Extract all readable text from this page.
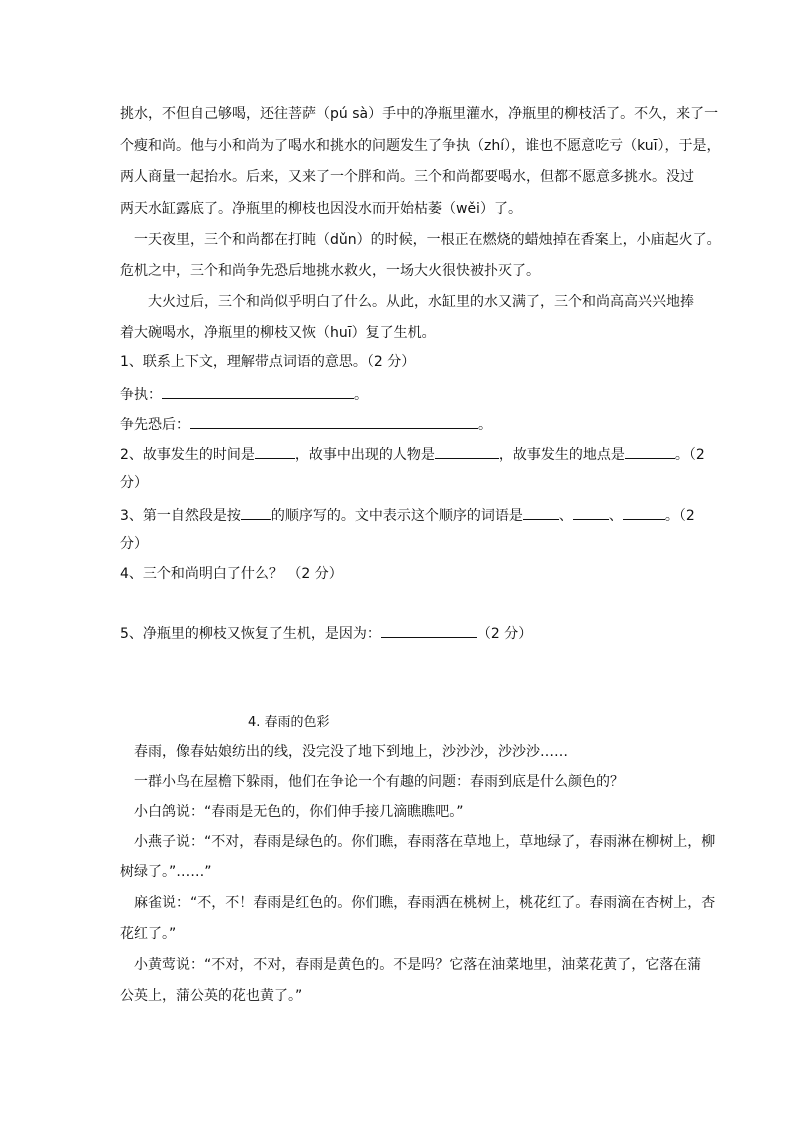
挑水，不但自己够喝，还往菩萨（pú sà）手中的净瓶里灌水，净瓶里的柳枝活了。不久，来了一
个瘦和尚。他与小和尚为了喝水和挑水的问题发生了争执（zhí），谁也不愿意吃亏（kuī），于是，
两人商量一起抬水。后来，又来了一个胖和尚。三个和尚都要喝水，但都不愿意多挑水。没过
两天水缸露底了。净瓶里的柳枝也因没水而开始枯萎（wěi）了。
一天夜里，三个和尚都在打盹（dǔn）的时候，一根正在燃烧的蜡烛掉在香案上，小庙起火了。
危机之中，三个和尚争先恐后地挑水救火，一场大火很快被扑灭了。
大火过后，三个和尚似乎明白了什么。从此，水缸里的水又满了，三个和尚高高兴兴地捧
着大碗喝水，净瓶里的柳枝又恢（huī）复了生机。
1、联系上下文，理解带点词语的意思。（2 分）
争执：	。
争先恐后：	。
2、故事发生的时间是	，故事中出现的人物是	，故事发生的地点是	。（2
分）
3、第一自然段是按 的顺序写的。文中表示这个顺序的词语是	、	、	。（2
分）
4、三个和尚明白了什么？ （2 分）
5、净瓶里的柳枝又恢复了生机，是因为：	（2 分）
4. 春雨的色彩
春雨，像春姑娘纺出的线，没完没了地下到地上，沙沙沙，沙沙沙……
一群小鸟在屋檐下躲雨，他们在争论一个有趣的问题：春雨到底是什么颜色的？
小白鸽说：“春雨是无色的，你们伸手接几滴瞧瞧吧。”
小燕子说：“不对，春雨是绿色的。你们瞧，春雨落在草地上，草地绿了，春雨淋在柳树上，柳
树绿了。”……”
麻雀说：“不，不！春雨是红色的。你们瞧，春雨洒在桃树上，桃花红了。春雨滴在杏树上，杏
花红了。”
小黄莺说：“不对，不对，春雨是黄色的。不是吗？它落在油菜地里，油菜花黄了，它落在蒲
公英上，蒲公英的花也黄了。”
